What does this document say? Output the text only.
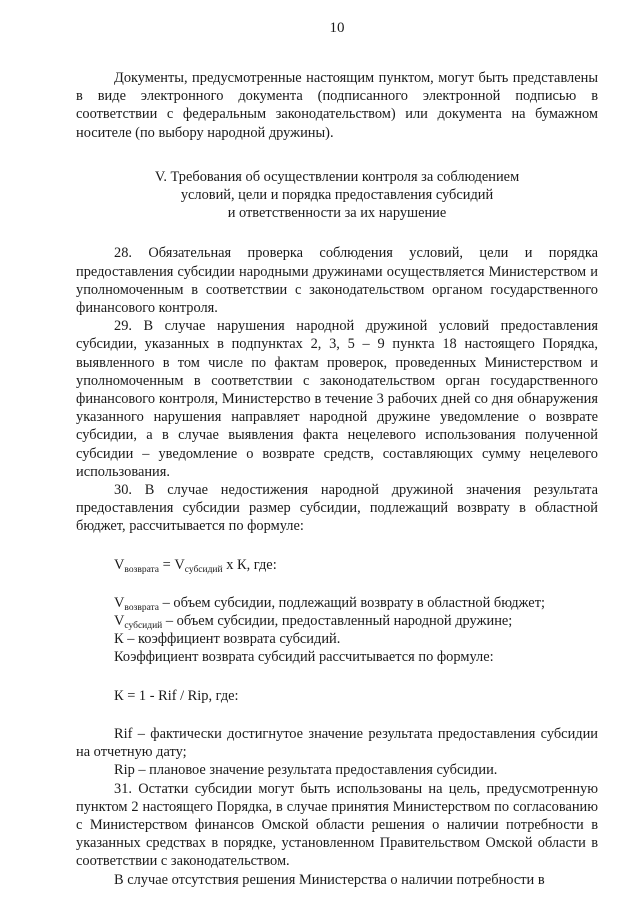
10

Документы, предусмотренные настоящим пунктом, могут быть представлены в виде электронного документа (подписанного электронной подписью в соответствии с федеральным законодательством) или документа на бумажном носителе (по выбору народной дружины).

V. Требования об осуществлении контроля за соблюдением
условий, цели и порядка предоставления субсидий
и ответственности за их нарушение

28. Обязательная проверка соблюдения условий, цели и порядка предоставления субсидии народными дружинами осуществляется Министерством и уполномоченным в соответствии с законодательством органом государственного финансового контроля.

29. В случае нарушения народной дружиной условий предоставления субсидии, указанных в подпунктах 2, 3, 5 – 9 пункта 18 настоящего Порядка, выявленного в том числе по фактам проверок, проведенных Министерством и уполномоченным в соответствии с законодательством орган государственного финансового контроля, Министерство в течение 3 рабочих дней со дня обнаружения указанного нарушения направляет народной дружине уведомление о возврате субсидии, а в случае выявления факта нецелевого использования полученной субсидии – уведомление о возврате средств, составляющих сумму нецелевого использования.

30. В случае недостижения народной дружиной значения результата предоставления субсидии размер субсидии, подлежащий возврату в областной бюджет, рассчитывается по формуле:

$V_{возврата} = V_{субсидий}$ х К, где:

$V_{возврата}$ – объем субсидии, подлежащий возврату в областной бюджет;

$V_{субсидий}$ – объем субсидии, предоставленный народной дружине;

К – коэффициент возврата субсидий.

Коэффициент возврата субсидий рассчитывается по формуле:

К = 1 - Rif / Rip, где:

Rif – фактически достигнутое значение результата предоставления субсидии на отчетную дату;

Rip – плановое значение результата предоставления субсидии.

31. Остатки субсидии могут быть использованы на цель, предусмотренную пунктом 2 настоящего Порядка, в случае принятия Министерством по согласованию с Министерством финансов Омской области решения о наличии потребности в указанных средствах в порядке, установленном Правительством Омской области в соответствии с законодательством.

В случае отсутствия решения Министерства о наличии потребности в
